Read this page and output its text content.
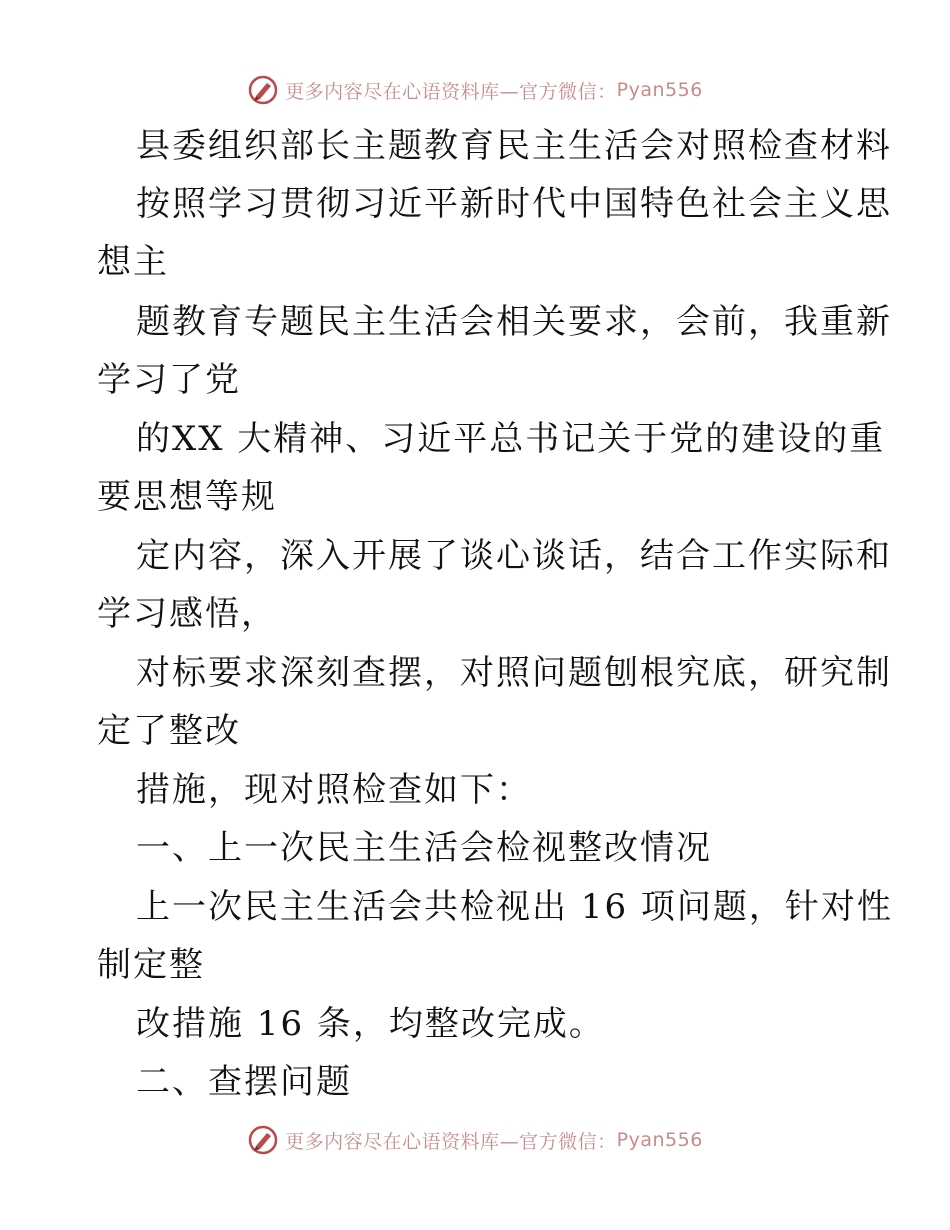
更多内容尽在心语资料库—官方微信： Pyan556
县委组织部长主题教育民主生活会对照检查材料
按照学习贯彻习近平新时代中国特色社会主义思
想主
题教育专题民主生活会相关要求，会前，我重新
学习了党
的XX 大精神、习近平总书记关于党的建设的重
要思想等规
定内容，深入开展了谈心谈话，结合工作实际和
学习感悟，
对标要求深刻查摆，对照问题刨根究底，研究制
定了整改
措施，现对照检查如下：
一、上一次民主生活会检视整改情况
上一次民主生活会共检视出 16 项问题，针对性
制定整
改措施 16 条，均整改完成。
二、查摆问题
更多内容尽在心语资料库—官方微信： Pyan556
